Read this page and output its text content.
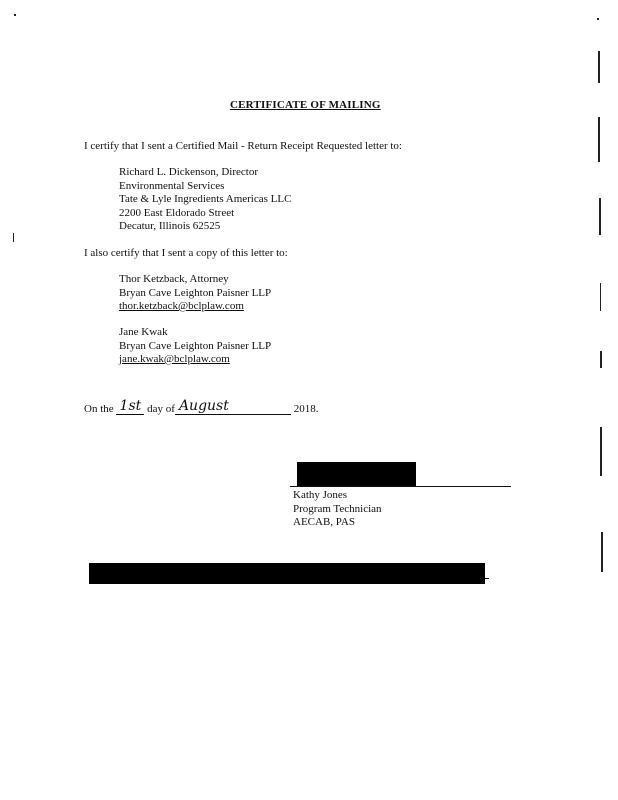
CERTIFICATE OF MAILING
I certify that I sent a Certified Mail - Return Receipt Requested letter to:
Richard L. Dickenson, Director
Environmental Services
Tate & Lyle Ingredients Americas LLC
2200 East Eldorado Street
Decatur, Illinois 62525
I also certify that I sent a copy of this letter to:
Thor Ketzback, Attorney
Bryan Cave Leighton Paisner LLP
thor.ketzback@bclplaw.com
Jane Kwak
Bryan Cave Leighton Paisner LLP
jane.kwak@bclplaw.com
On the 1st day of August	2018.
Kathy Jones
Program Technician
AECAB, PAS
